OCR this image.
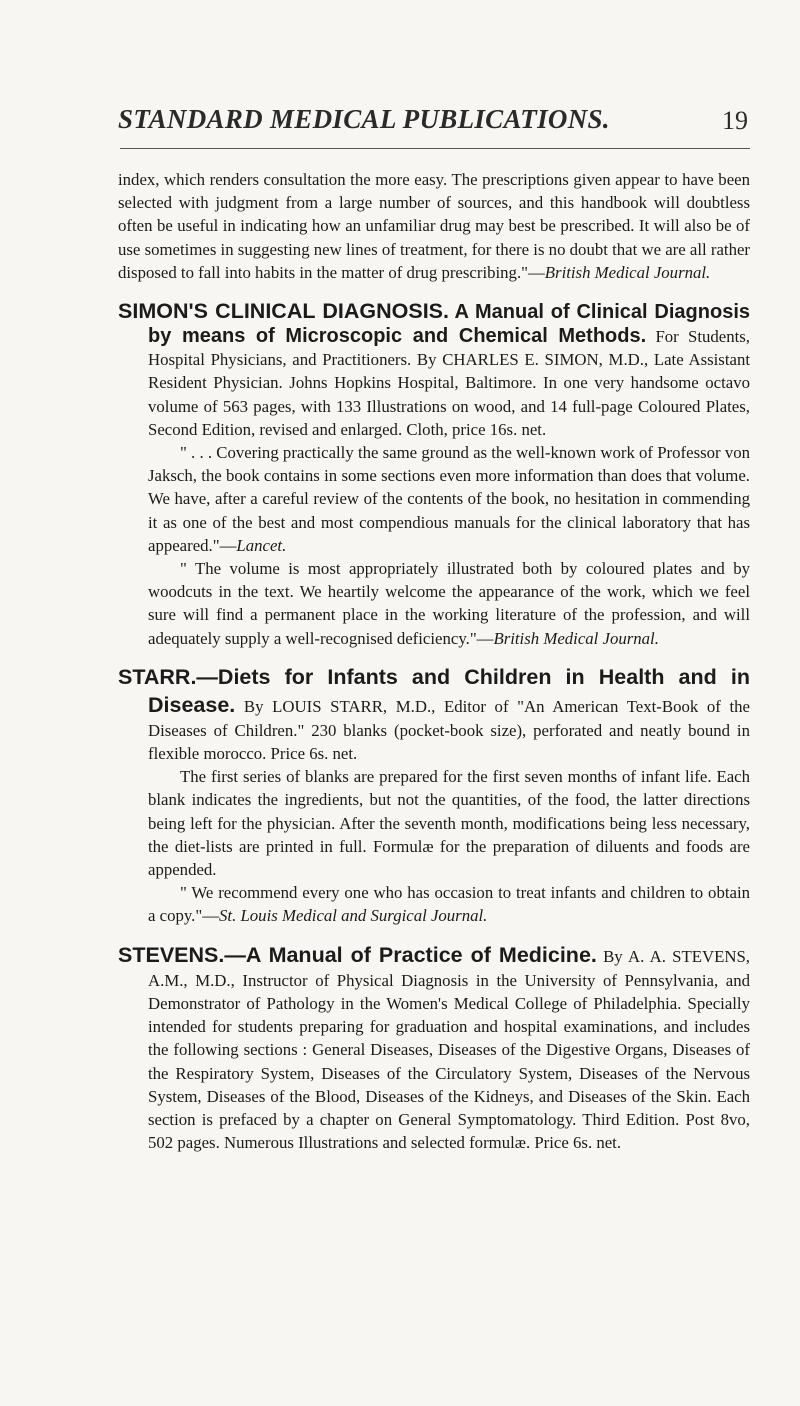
STANDARD MEDICAL PUBLICATIONS.	19

index, which renders consultation the more easy. The prescriptions given appear to have been selected with judgment from a large number of sources, and this handbook will doubtless often be useful in indicating how an unfamiliar drug may best be prescribed. It will also be of use sometimes in suggesting new lines of treatment, for there is no doubt that we are all rather disposed to fall into habits in the matter of drug prescribing."—British Medical Journal.

SIMON'S CLINICAL DIAGNOSIS. A Manual of Clinical Diagnosis by means of Microscopic and Chemical Methods. For Students, Hospital Physicians, and Practitioners. By CHARLES E. SIMON, M.D., Late Assistant Resident Physician. Johns Hopkins Hospital, Baltimore. In one very handsome octavo volume of 563 pages, with 133 Illustrations on wood, and 14 full-page Coloured Plates, Second Edition, revised and enlarged. Cloth, price 16s. net.

" . . . Covering practically the same ground as the well-known work of Professor von Jaksch, the book contains in some sections even more information than does that volume. We have, after a careful review of the contents of the book, no hesitation in commending it as one of the best and most compendious manuals for the clinical laboratory that has appeared."—Lancet.

" The volume is most appropriately illustrated both by coloured plates and by woodcuts in the text. We heartily welcome the appearance of the work, which we feel sure will find a permanent place in the working literature of the profession, and will adequately supply a well-recognised deficiency."—British Medical Journal.

STARR.—Diets for Infants and Children in Health and in Disease. By LOUIS STARR, M.D., Editor of "An American Text-Book of the Diseases of Children." 230 blanks (pocket-book size), perforated and neatly bound in flexible morocco. Price 6s. net.

The first series of blanks are prepared for the first seven months of infant life. Each blank indicates the ingredients, but not the quantities, of the food, the latter directions being left for the physician. After the seventh month, modifications being less necessary, the diet-lists are printed in full. Formulæ for the preparation of diluents and foods are appended.

" We recommend every one who has occasion to treat infants and children to obtain a copy."—St. Louis Medical and Surgical Journal.

STEVENS.—A Manual of Practice of Medicine. By A. A. STEVENS, A.M., M.D., Instructor of Physical Diagnosis in the University of Pennsylvania, and Demonstrator of Pathology in the Women's Medical College of Philadelphia. Specially intended for students preparing for graduation and hospital examinations, and includes the following sections : General Diseases, Diseases of the Digestive Organs, Diseases of the Respiratory System, Diseases of the Circulatory System, Diseases of the Nervous System, Diseases of the Blood, Diseases of the Kidneys, and Diseases of the Skin. Each section is prefaced by a chapter on General Symptomatology. Third Edition. Post 8vo, 502 pages. Numerous Illustrations and selected formulæ. Price 6s. net.
